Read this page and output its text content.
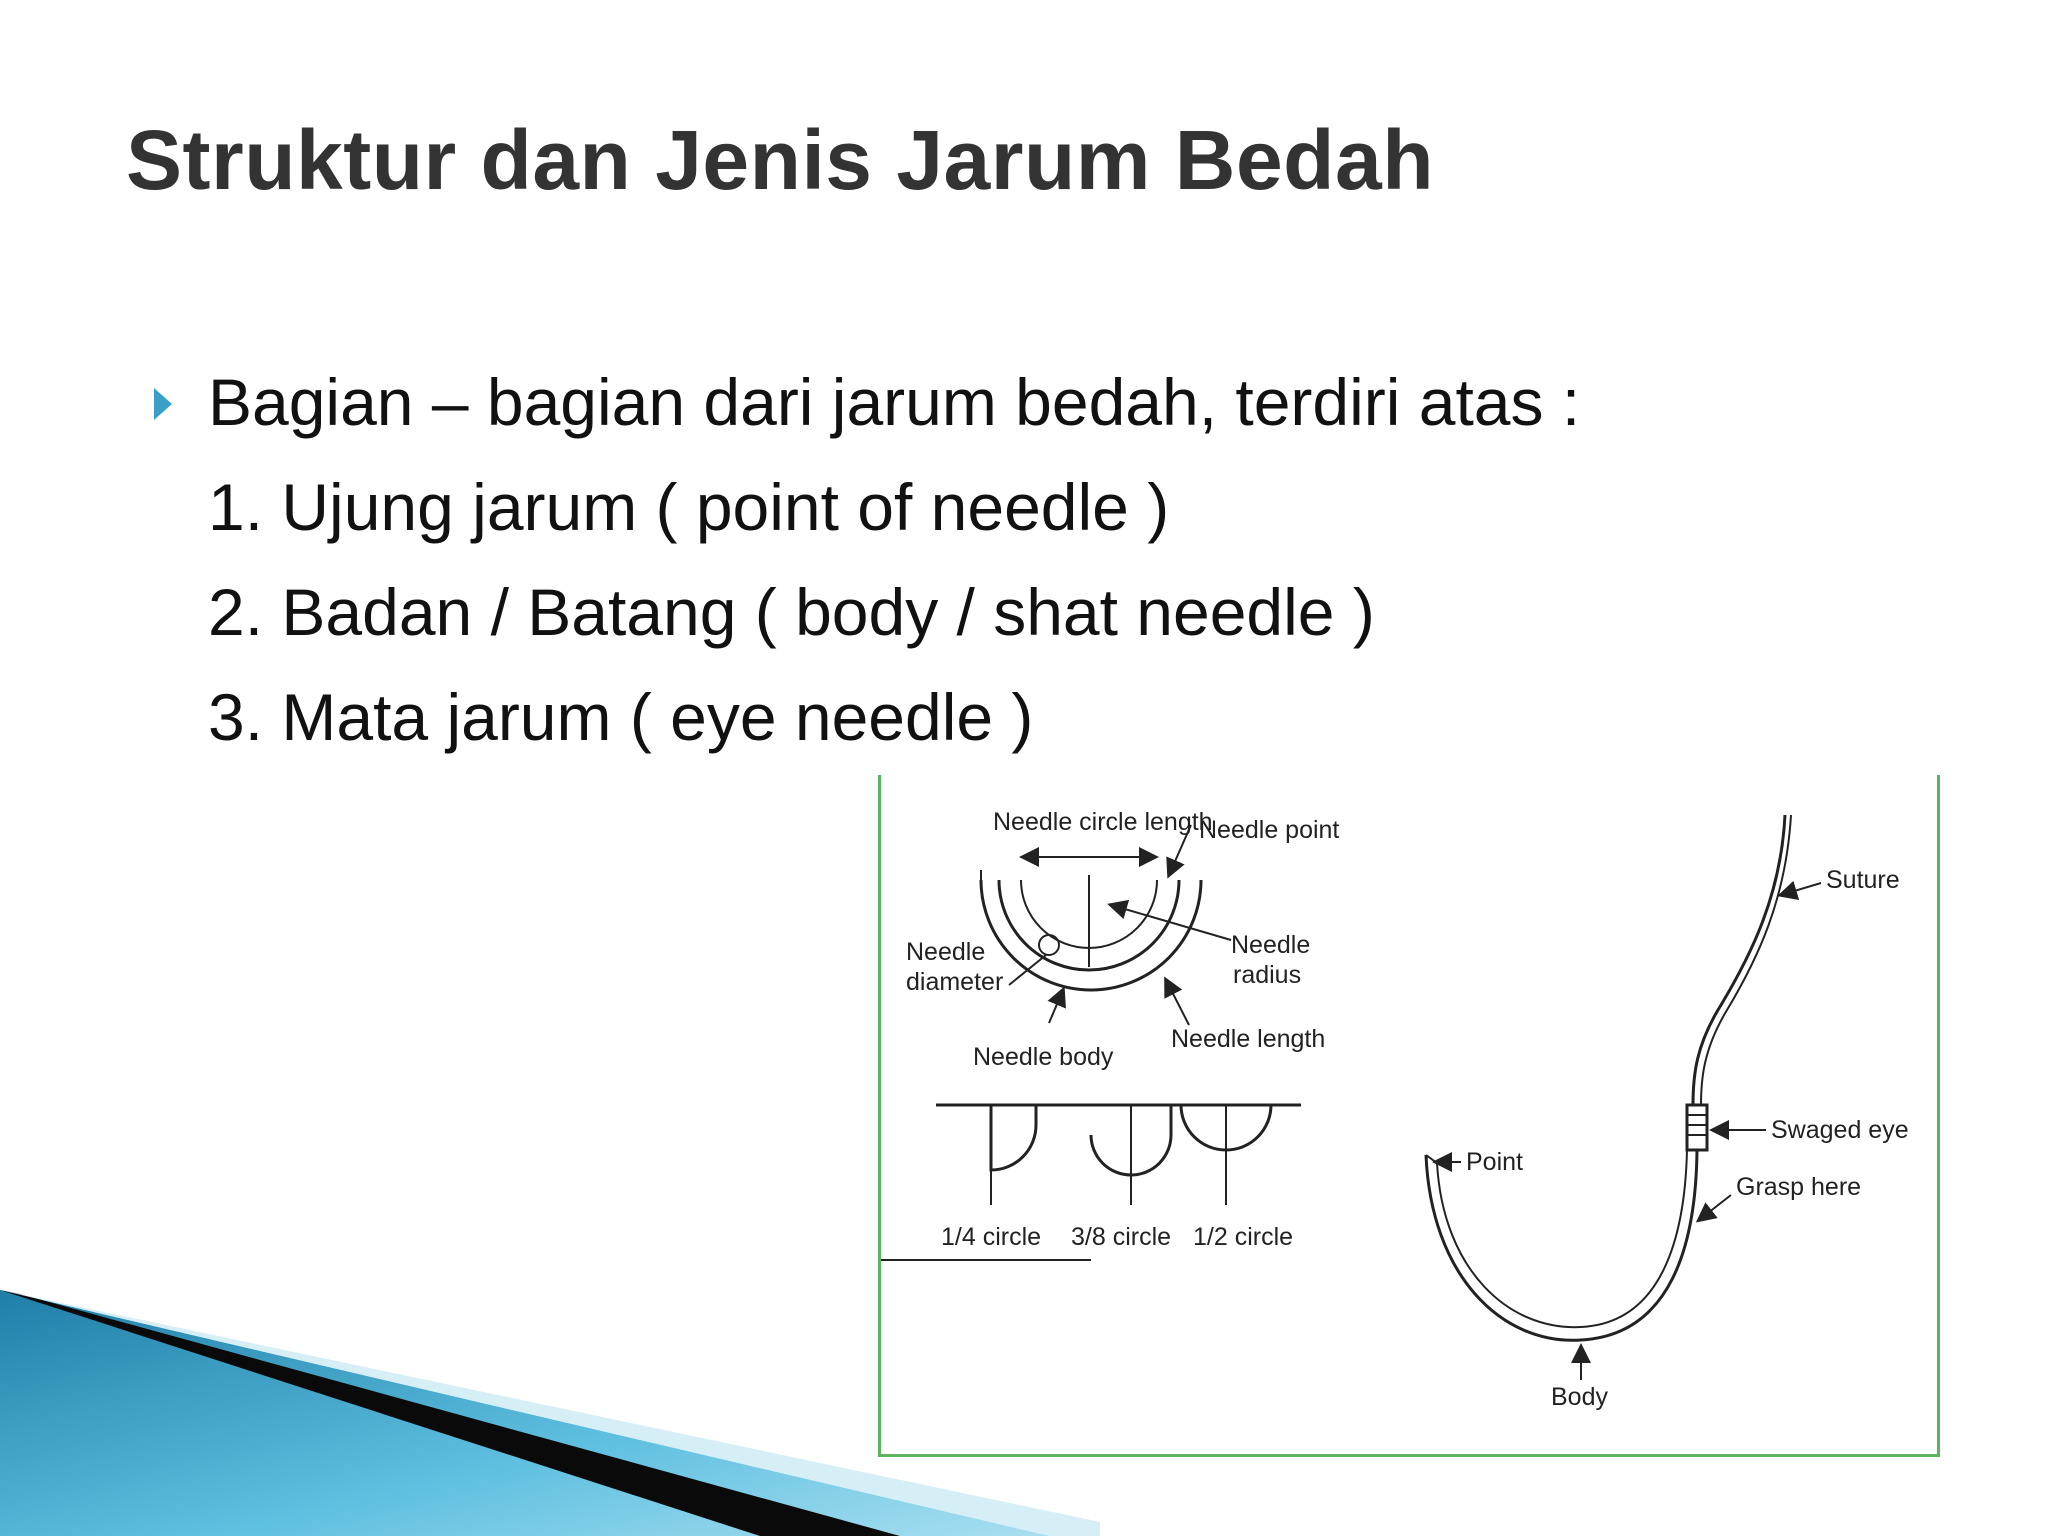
Struktur dan Jenis Jarum Bedah
Bagian – bagian dari jarum bedah, terdiri atas :
1. Ujung jarum ( point of needle )
2. Badan / Batang ( body / shat needle )
3. Mata jarum ( eye needle )
Needle circle length
Needle point
Needle
diameter
Needle
radius
Needle body
Needle length
1/4 circle 3/8 circle 1/2 circle
Suture
Swaged eye
Point
Grasp here
Body
